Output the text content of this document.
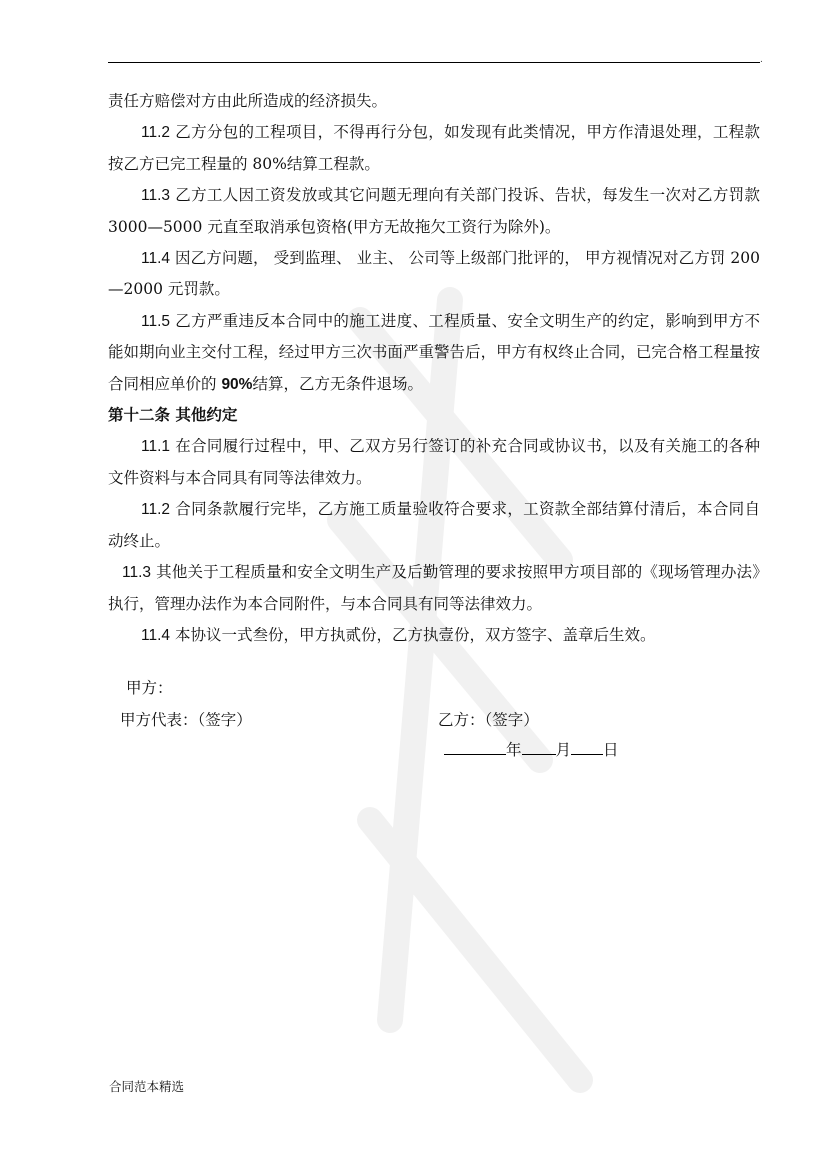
.

责任方赔偿对方由此所造成的经济损失。

11.2 乙方分包的工程项目，不得再行分包，如发现有此类情况，甲方作清退处理，工程款按乙方已完工程量的 80%结算工程款。

11.3 乙方工人因工资发放或其它问题无理向有关部门投诉、告状，每发生一次对乙方罚款 3000—5000 元直至取消承包资格(甲方无故拖欠工资行为除外)。

11.4 因乙方问题， 受到监理、 业主、 公司等上级部门批评的， 甲方视情况对乙方罚 200—2000 元罚款。

11.5 乙方严重违反本合同中的施工进度、工程质量、安全文明生产的约定，影响到甲方不能如期向业主交付工程，经过甲方三次书面严重警告后，甲方有权终止合同，已完合格工程量按合同相应单价的 90%结算，乙方无条件退场。

第十二条 其他约定

11.1 在合同履行过程中，甲、乙双方另行签订的补充合同或协议书，以及有关施工的各种文件资料与本合同具有同等法律效力。

11.2 合同条款履行完毕，乙方施工质量验收符合要求，工资款全部结算付清后，本合同自动终止。

11.3 其他关于工程质量和安全文明生产及后勤管理的要求按照甲方项目部的《现场管理办法》执行，管理办法作为本合同附件，与本合同具有同等法律效力。

11.4 本协议一式叁份，甲方执贰份，乙方执壹份，双方签字、盖章后生效。

甲方：
甲方代表：（签字）	乙方：（签字）
年 月 日
合同范本精选
